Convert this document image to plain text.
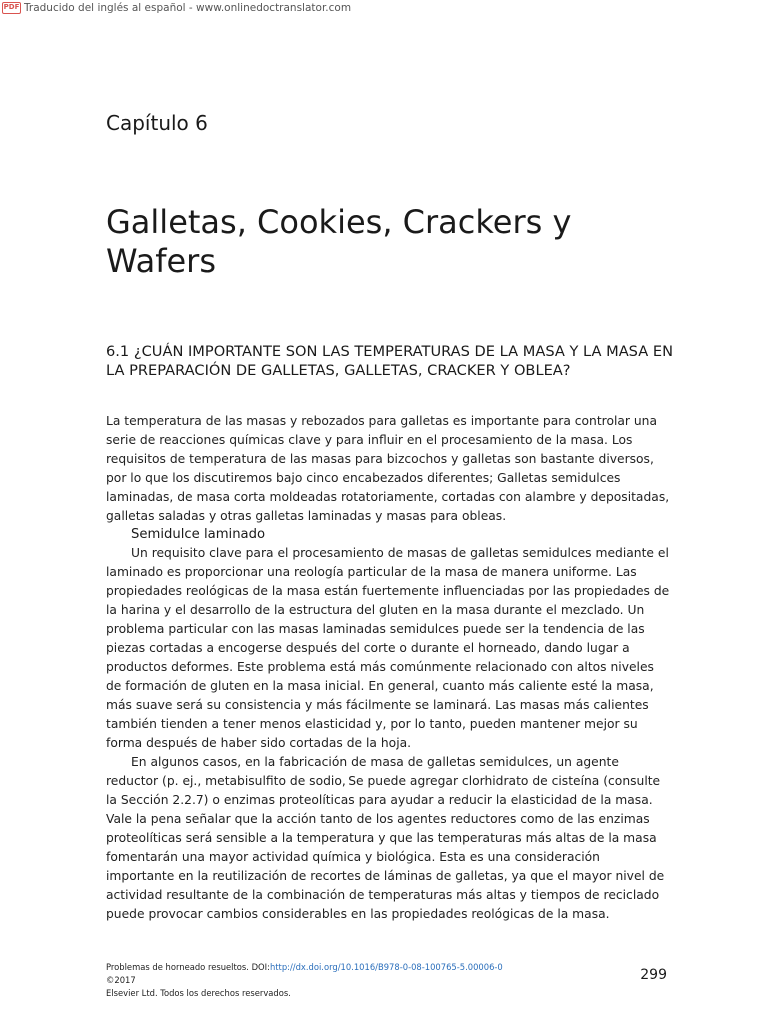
PDF Traducido del inglés al español - www.onlinedoctranslator.com
Capítulo 6
Galletas, Cookies, Crackers y Wafers
6.1 ¿CUÁN IMPORTANTE SON LAS TEMPERATURAS DE LA MASA Y LA MASA EN LA PREPARACIÓN DE GALLETAS, GALLETAS, CRACKER Y OBLEA?

La temperatura de las masas y rebozados para galletas es importante para controlar una serie de reacciones químicas clave y para influir en el procesamiento de la masa. Los requisitos de temperatura de las masas para bizcochos y galletas son bastante diversos, por lo que los discutiremos bajo cinco encabezados diferentes; Galletas semidulces laminadas, de masa corta moldeadas rotatoriamente, cortadas con alambre y depositadas, galletas saladas y otras galletas laminadas y masas para obleas.

Semidulce laminado

Un requisito clave para el procesamiento de masas de galletas semidulces mediante el laminado es proporcionar una reología particular de la masa de manera uniforme. Las propiedades reológicas de la masa están fuertemente influenciadas por las propiedades de la harina y el desarrollo de la estructura del gluten en la masa durante el mezclado. Un problema particular con las masas laminadas semidulces puede ser la tendencia de las piezas cortadas a encogerse después del corte o durante el horneado, dando lugar a productos deformes. Este problema está más comúnmente relacionado con altos niveles de formación de gluten en la masa inicial. En general, cuanto más caliente esté la masa, más suave será su consistencia y más fácilmente se laminará. Las masas más calientes también tienden a tener menos elasticidad y, por lo tanto, pueden mantener mejor su forma después de haber sido cortadas de la hoja.

En algunos casos, en la fabricación de masa de galletas semidulces, un agente reductor (p. ej., metabisulfito de sodio, Se puede agregar clorhidrato de cisteína (consulte la Sección 2.2.7) o enzimas proteolíticas para ayudar a reducir la elasticidad de la masa. Vale la pena señalar que la acción tanto de los agentes reductores como de las enzimas proteolíticas será sensible a la temperatura y que las temperaturas más altas de la masa fomentarán una mayor actividad química y biológica. Esta es una consideración importante en la reutilización de recortes de láminas de galletas, ya que el mayor nivel de actividad resultante de la combinación de temperaturas más altas y tiempos de reciclado puede provocar cambios considerables en las propiedades reológicas de la masa.

Problemas de horneado resueltos. DOI:http://dx.doi.org/10.1016/B978-0-08-100765-5.00006-0 ©2017
Elsevier Ltd. Todos los derechos reservados.
299
